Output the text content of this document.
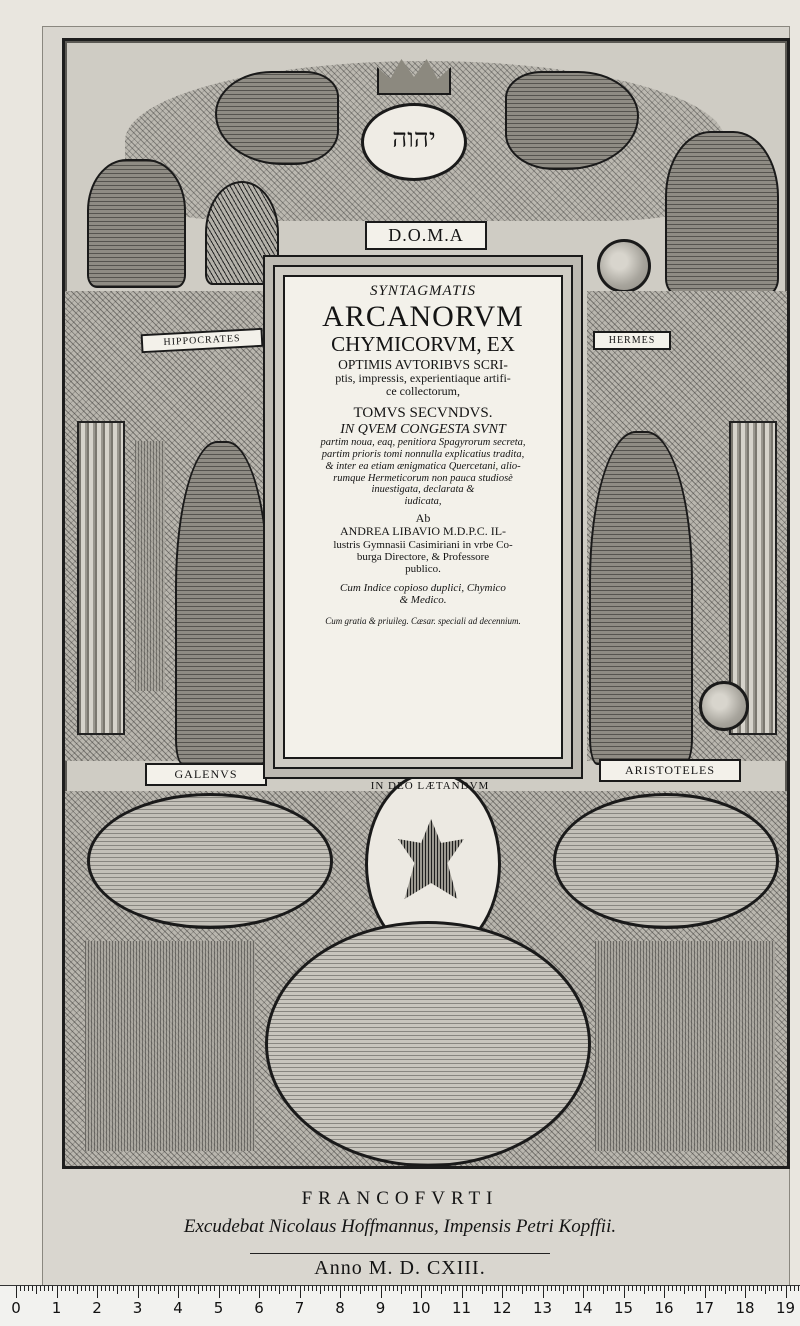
יהוה
D.O.M.A
HIPPOCRATES	HERMES
GALENVS	ARISTOTELES
IN DEO LÆTANDVM
SYNTAGMATIS
ARCANORVM
CHYMICORVM, EX
OPTIMIS AVTORIBVS SCRI-
ptis, impressis, experientiaque artifi-
ce collectorum,
TOMVS SECVNDVS.
IN QVEM CONGESTA SVNT
partim noua, eaq, penitiora Spagyrorum secreta,
partim prioris tomi nonnulla explicatius tradita,
& inter ea etiam ænigmatica Quercetani, alio-
rumque Hermeticorum non pauca studiosè
inuestigata, declarata &
iudicata,
Ab
ANDREA LIBAVIO M.D.P.C. IL-
lustris Gymnasii Casimiriani in vrbe Co-
burga Directore, & Professore
publico.
Cum Indice copioso duplici, Chymico
& Medico.
Cum gratia & priuileg. Cæsar. speciali ad decennium.
FRANCOFVRTI
Excudebat Nicolaus Hoffmannus, Impensis Petri Kopffii.
Anno M. D. CXIII.
0 1 2 3 4 5 6 7 8 9 10 11 12 13 14 15 16 17 18 19
